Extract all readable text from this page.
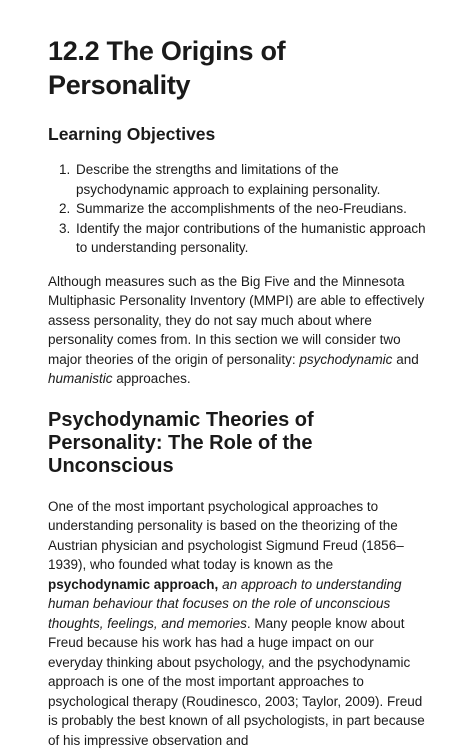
12.2 The Origins of Personality
Learning Objectives
1. Describe the strengths and limitations of the psychodynamic approach to explaining personality.
2. Summarize the accomplishments of the neo-Freudians.
3. Identify the major contributions of the humanistic approach to understanding personality.

Although measures such as the Big Five and the Minnesota Multiphasic Personality Inventory (MMPI) are able to effectively assess personality, they do not say much about where personality comes from. In this section we will consider two major theories of the origin of personality: psychodynamic and humanistic approaches.

Psychodynamic Theories of Personality: The Role of the Unconscious

One of the most important psychological approaches to understanding personality is based on the theorizing of the Austrian physician and psychologist Sigmund Freud (1856–1939), who founded what today is known as the psychodynamic approach, an approach to understanding human behaviour that focuses on the role of unconscious thoughts, feelings, and memories. Many people know about Freud because his work has had a huge impact on our everyday thinking about psychology, and the psychodynamic approach is one of the most important approaches to psychological therapy (Roudinesco, 2003; Taylor, 2009). Freud is probably the best known of all psychologists, in part because of his impressive observation and
